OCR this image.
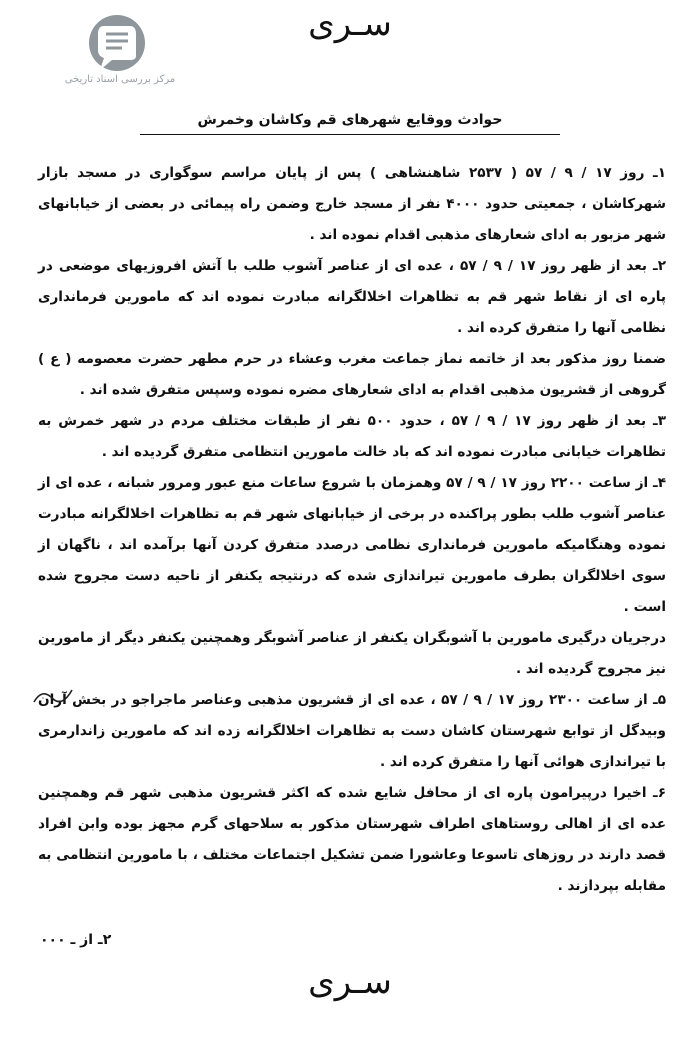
سـری
مرکز بررسی اسناد تاریخی
حوادث ووقایع شهرهای قم وکاشان وخمرش

۱ـ روز ۱۷ / ۹ / ۵۷ ( ۲۵۳۷ شاهنشاهی ) پس از پایان مراسم سوگواری در مسجد بازار شهرکاشان ، جمعیتی حدود ۴۰۰۰ نفر از مسجد خارج وضمن راه پیمائی در بعضی از خیابانهای شهر مزبور به ادای شعارهای مذهبی اقدام نموده اند .

۲ـ بعد از ظهر روز ۱۷ / ۹ / ۵۷ ، عده ای از عناصر آشوب طلب با آتش افروزیهای موضعی در پاره ای از نقاط شهر قم به تظاهرات اخلالگرانه مبادرت نموده اند که مامورین فرمانداری نظامی آنها را متفرق کرده اند .

ضمنا روز مذکور بعد از خاتمه نماز جماعت مغرب وعشاء در حرم مطهر حضرت معصومه ( ع ) گروهی از قشریون مذهبی اقدام به ادای شعارهای مضره نموده وسپس متفرق شده اند .

۳ـ بعد از ظهر روز ۱۷ / ۹ / ۵۷ ، حدود ۵۰۰ نفر از طبقات مختلف مردم در شهر خمرش به تظاهرات خیابانی مبادرت نموده اند که باد خالت مامورین انتظامی متفرق گردیده اند .

۴ـ از ساعت ۲۲۰۰ روز ۱۷ / ۹ / ۵۷ وهمزمان با شروع ساعات منع عبور ومرور شبانه ، عده ای از عناصر آشوب طلب بطور پراکنده در برخی از خیابانهای شهر قم به تظاهرات اخلالگرانه مبادرت نموده وهنگامیکه مامورین فرمانداری نظامی درصدد متفرق کردن آنها برآمده اند ، ناگهان از سوی اخلالگران بطرف مامورین تیراندازی شده که درنتیجه یکنفر از ناحیه دست مجروح شده است .

درجریان درگیری مامورین با آشوبگران یکنفر از عناصر آشوبگر وهمچنین یکنفر دیگر از مامورین نیز مجروح گردیده اند .

۵ـ از ساعت ۲۳۰۰ روز ۱۷ / ۹ / ۵۷ ، عده ای از قشریون مذهبی وعناصر ماجراجو در بخش آران وبیدگل از توابع شهرستان کاشان دست به تظاهرات اخلالگرانه زده اند که مامورین زاندارمری با تیراندازی هوائی آنها را متفرق کرده اند .

۶ـ اخیرا درپیرامون پاره ای از محافل شایع شده که اکثر قشریون مذهبی شهر قم وهمچنین عده ای از اهالی روستاهای اطراف شهرستان مذکور به سلاحهای گرم مجهز بوده وابن افراد قصد دارند در روزهای تاسوعا وعاشورا ضمن تشکیل اجتماعات مختلف ، با مامورین انتظامی به مقابله بپردازند .

۲ـ از ـ ۰۰۰
سـری
